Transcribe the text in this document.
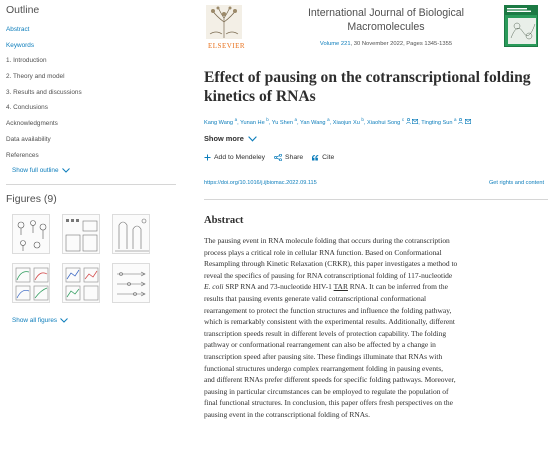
Outline
Abstract
Keywords
1. Introduction
2. Theory and model
3. Results and discussions
4. Conclusions
Acknowledgments
Data availability
References
Show full outline
Figures (9)
Show all figures
ELSEVIER
International Journal of Biological
Macromolecules
Volume 221, 30 November 2022, Pages 1345-1355
Effect of pausing on the cotranscriptional folding
kinetics of RNAs
Kang Wang $^a$, Yunan He $^b$, Yu Shen $^a$, Yan Wang $^a$, Xiaojun Xu $^b$, Xiaohui Song $^c$  , Tingting Sun $^a$
Show more
Add to Mendeley	Share	Cite
https://doi.org/10.1016/j.ijbiomac.2022.09.115	Get rights and content
Abstract
The pausing event in RNA molecule folding that occurs during the cotranscription
process plays a critical role in cellular RNA function. Based on Conformational
Resampling through Kinetic Relaxation (CRKR), this paper investigates a method to
reveal the specifics of pausing for RNA cotranscriptional folding of 117-nucleotide
E. coli SRP RNA and 73-nucleotide HIV-1 TAR RNA. It can be inferred from the
results that pausing events generate valid cotranscriptional conformational
rearrangement to protect the function structures and influence the folding pathway,
which is remarkably consistent with the experimental results. Additionally, different
transcription speeds result in different levels of protection capability. The folding
pathway or conformational rearrangement can also be affected by a change in
transcription speed after pausing site. These findings illuminate that RNAs with
functional structures undergo complex rearrangement folding in pausing events,
and different RNAs prefer different speeds for specific folding pathways. Moreover,
pausing in particular circumstances can be employed to regulate the population of
final functional structures. In conclusion, this paper offers fresh perspectives on the
pausing event in the cotranscriptional folding of RNAs.
